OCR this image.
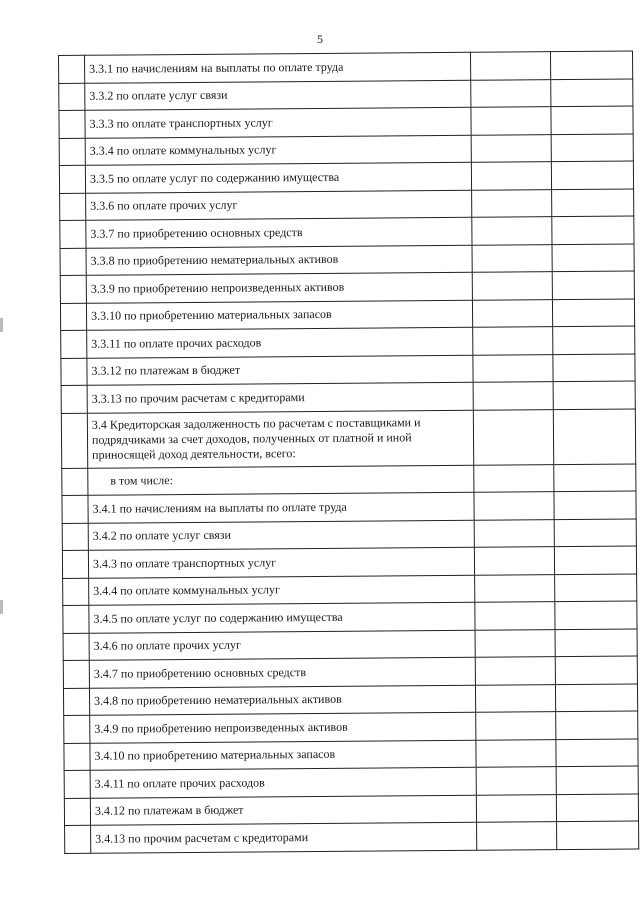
5
	3.3.1 по начислениям на выплаты по оплате труда		
	3.3.2 по оплате услуг связи		
	3.3.3 по оплате транспортных услуг		
	3.3.4 по оплате коммунальных услуг		
	3.3.5 по оплате услуг по содержанию имущества		
	3.3.6 по оплате прочих услуг		
	3.3.7 по приобретению основных средств		
	3.3.8 по приобретению нематериальных активов		
	3.3.9 по приобретению непроизведенных активов		
	3.3.10 по приобретению материальных запасов		
	3.3.11 по оплате прочих расходов		
	3.3.12 по платежам в бюджет		
	3.3.13 по прочим расчетам с кредиторами		
	3.4 Кредиторская задолженность по расчетам с поставщиками и подрядчиками за счет доходов, полученных от платной и иной приносящей доход деятельности, всего:		
	в том числе:		
	3.4.1 по начислениям на выплаты по оплате труда		
	3.4.2 по оплате услуг связи		
	3.4.3 по оплате транспортных услуг		
	3.4.4 по оплате коммунальных услуг		
	3.4.5 по оплате услуг по содержанию имущества		
	3.4.6 по оплате прочих услуг		
	3.4.7 по приобретению основных средств		
	3.4.8 по приобретению нематериальных активов		
	3.4.9 по приобретению непроизведенных активов		
	3.4.10 по приобретению материальных запасов		
	3.4.11 по оплате прочих расходов		
	3.4.12 по платежам в бюджет		
	3.4.13 по прочим расчетам с кредиторами		
